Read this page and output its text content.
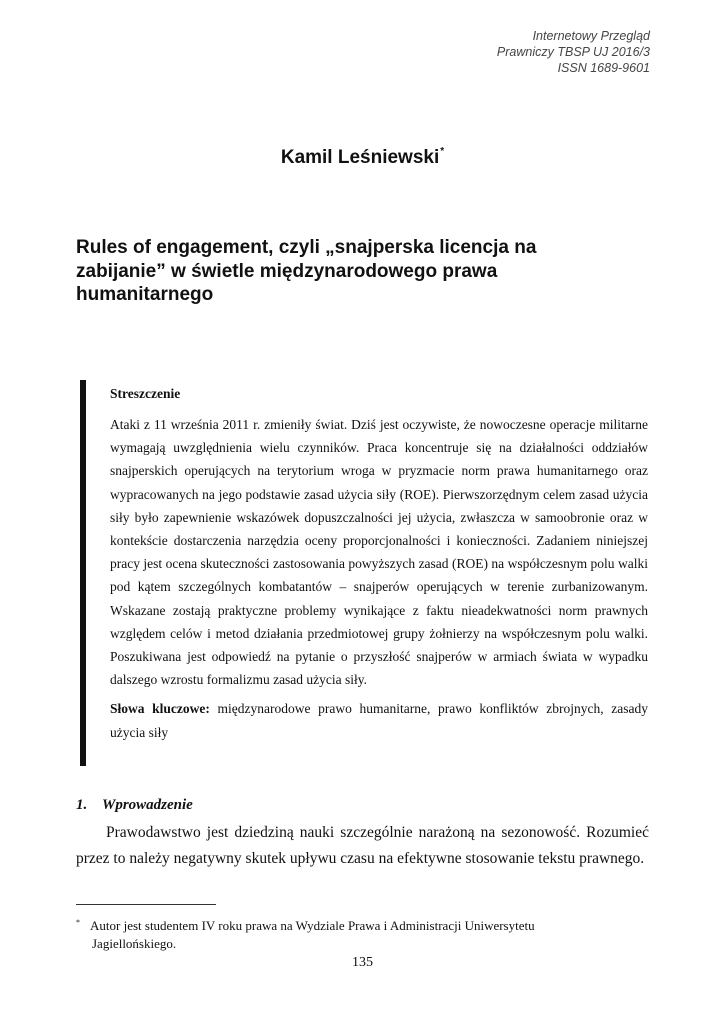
Internetowy Przegląd
Prawniczy TBSP UJ 2016/3
ISSN 1689-9601
Kamil Leśniewski*
Rules of engagement, czyli „snajperska licencja na
zabijanie” w świetle międzynarodowego prawa
humanitarnego
Streszczenie
Ataki z 11 września 2011 r. zmieniły świat. Dziś jest oczywiste, że nowoczesne operacje militarne wymagają uwzględnienia wielu czynników. Praca koncentruje się na działalności oddziałów snajperskich operujących na terytorium wroga w pryzmacie norm prawa humanitarnego oraz wypracowanych na jego podstawie zasad użycia siły (ROE). Pierwszorzędnym celem zasad użycia siły było zapewnienie wskazówek dopuszczalności jej użycia, zwłaszcza w samoobronie oraz w kontekście dostarczenia narzędzia oceny proporcjonalności i konieczności. Zadaniem niniejszej pracy jest ocena skuteczności zastosowania powyższych zasad (ROE) na współczesnym polu walki pod kątem szczególnych kombatantów – snajperów operujących w terenie zurbanizowanym. Wskazane zostają praktyczne problemy wynikające z faktu nieadekwatności norm prawnych względem celów i metod działania przedmiotowej grupy żołnierzy na współczesnym polu walki. Poszukiwana jest odpowiedź na pytanie o przyszłość snajperów w armiach świata w wypadku dalszego wzrostu formalizmu zasad użycia siły.
Słowa kluczowe: międzynarodowe prawo humanitarne, prawo konfliktów zbrojnych, zasady użycia siły
1. Wprowadzenie
Prawodawstwo jest dziedziną nauki szczególnie narażoną na sezonowość. Rozumieć przez to należy negatywny skutek upływu czasu na efektywne stosowanie tekstu prawnego.
* Autor jest studentem IV roku prawa na Wydziale Prawa i Administracji Uniwersytetu
Jagiellońskiego.
135
